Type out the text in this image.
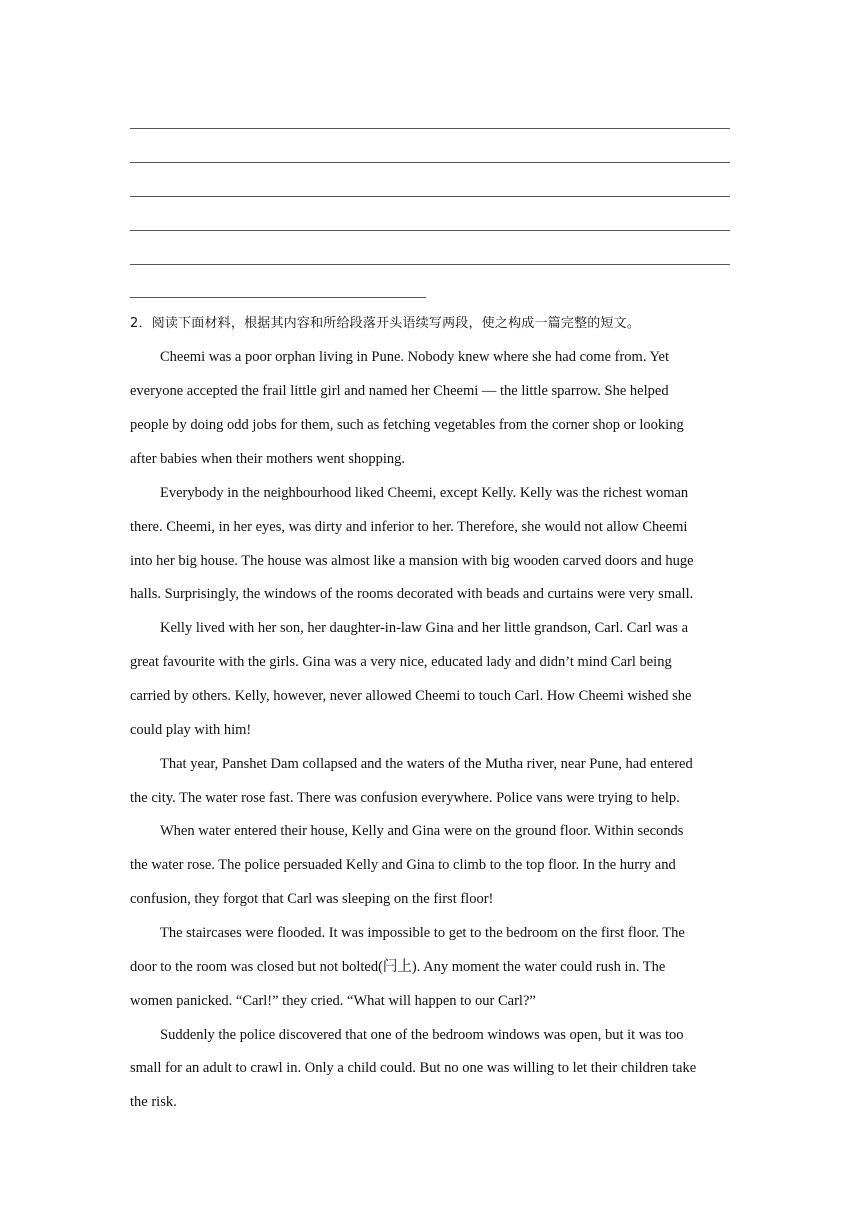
2．阅读下面材料，根据其内容和所给段落开头语续写两段，使之构成一篇完整的短文。
Cheemi was a poor orphan living in Pune. Nobody knew where she had come from. Yet
everyone accepted the frail little girl and named her Cheemi — the little sparrow. She helped
people by doing odd jobs for them, such as fetching vegetables from the corner shop or looking
after babies when their mothers went shopping.
Everybody in the neighbourhood liked Cheemi, except Kelly. Kelly was the richest woman
there. Cheemi, in her eyes, was dirty and inferior to her. Therefore, she would not allow Cheemi
into her big house. The house was almost like a mansion with big wooden carved doors and huge
halls. Surprisingly, the windows of the rooms decorated with beads and curtains were very small.
Kelly lived with her son, her daughter-in-law Gina and her little grandson, Carl. Carl was a
great favourite with the girls. Gina was a very nice, educated lady and didn’t mind Carl being
carried by others. Kelly, however, never allowed Cheemi to touch Carl. How Cheemi wished she
could play with him!
That year, Panshet Dam collapsed and the waters of the Mutha river, near Pune, had entered
the city. The water rose fast. There was confusion everywhere. Police vans were trying to help.
When water entered their house, Kelly and Gina were on the ground floor. Within seconds
the water rose. The police persuaded Kelly and Gina to climb to the top floor. In the hurry and
confusion, they forgot that Carl was sleeping on the first floor!
The staircases were flooded. It was impossible to get to the bedroom on the first floor. The
door to the room was closed but not bolted(闩上). Any moment the water could rush in. The
women panicked. “Carl!” they cried. “What will happen to our Carl?”
Suddenly the police discovered that one of the bedroom windows was open, but it was too
small for an adult to crawl in. Only a child could. But no one was willing to let their children take
the risk.
